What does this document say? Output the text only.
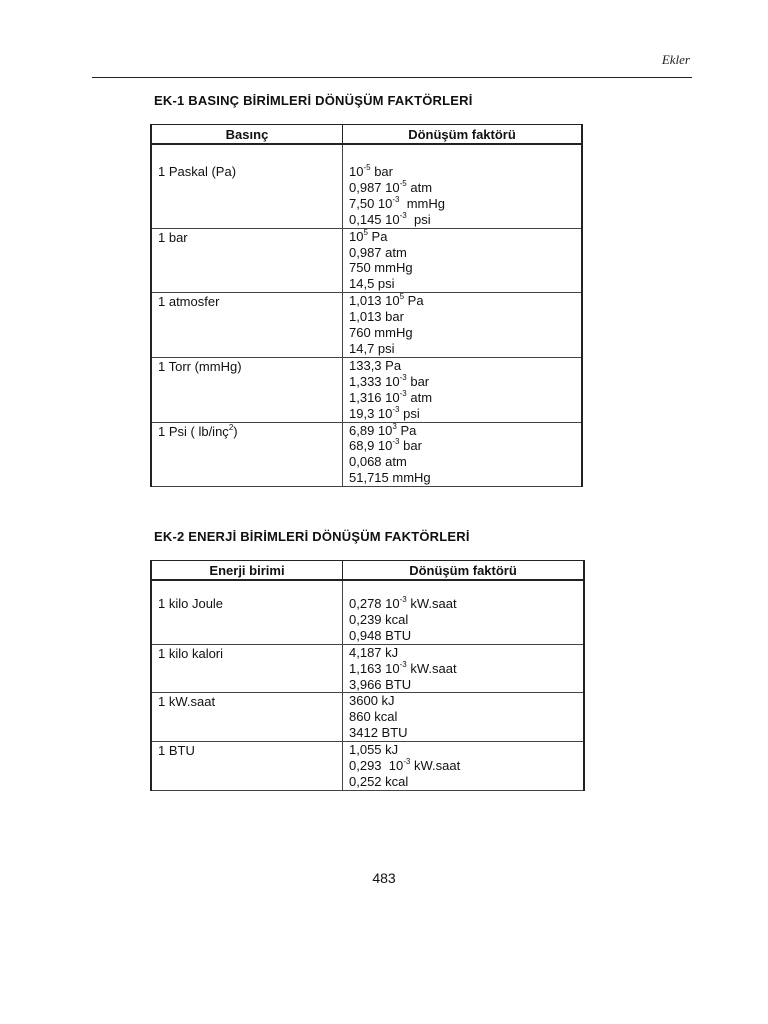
Ekler
EK-1 BASINÇ BİRİMLERİ DÖNÜŞÜM FAKTÖRLERİ
Basınç	Dönüşüm faktörü
1 Paskal (Pa)	$10^{-5}$ bar
0,987 $10^{-5}$ atm
7,50 $10^{-3}$  mmHg
0,145 $10^{-3}$  psi

1 bar	$10^5$ Pa
0,987 atm
750 mmHg
14,5 psi

1 atmosfer	1,013 $10^5$ Pa
1,013 bar
760 mmHg
14,7 psi

1 Torr (mmHg)	133,3 Pa
1,333 $10^{-3}$ bar
1,316 $10^{-3}$ atm
19,3 $10^{-3}$ psi

1 Psi ( lb/inç$^2$)	6,89 $10^3$ Pa
68,9 $10^{-3}$ bar
0,068 atm
51,715 mmHg
EK-2 ENERJİ BİRİMLERİ DÖNÜŞÜM FAKTÖRLERİ
Enerji birimi	Dönüşüm faktörü
1 kilo Joule	0,278 $10^{-3}$ kW.saat
0,239 kcal
0,948 BTU

1 kilo kalori	4,187 kJ
1,163 $10^{-3}$ kW.saat
3,966 BTU

1 kW.saat	3600 kJ
860 kcal
3412 BTU

1 BTU	1,055 kJ
0,293  $10^{-3}$ kW.saat
0,252 kcal
483
